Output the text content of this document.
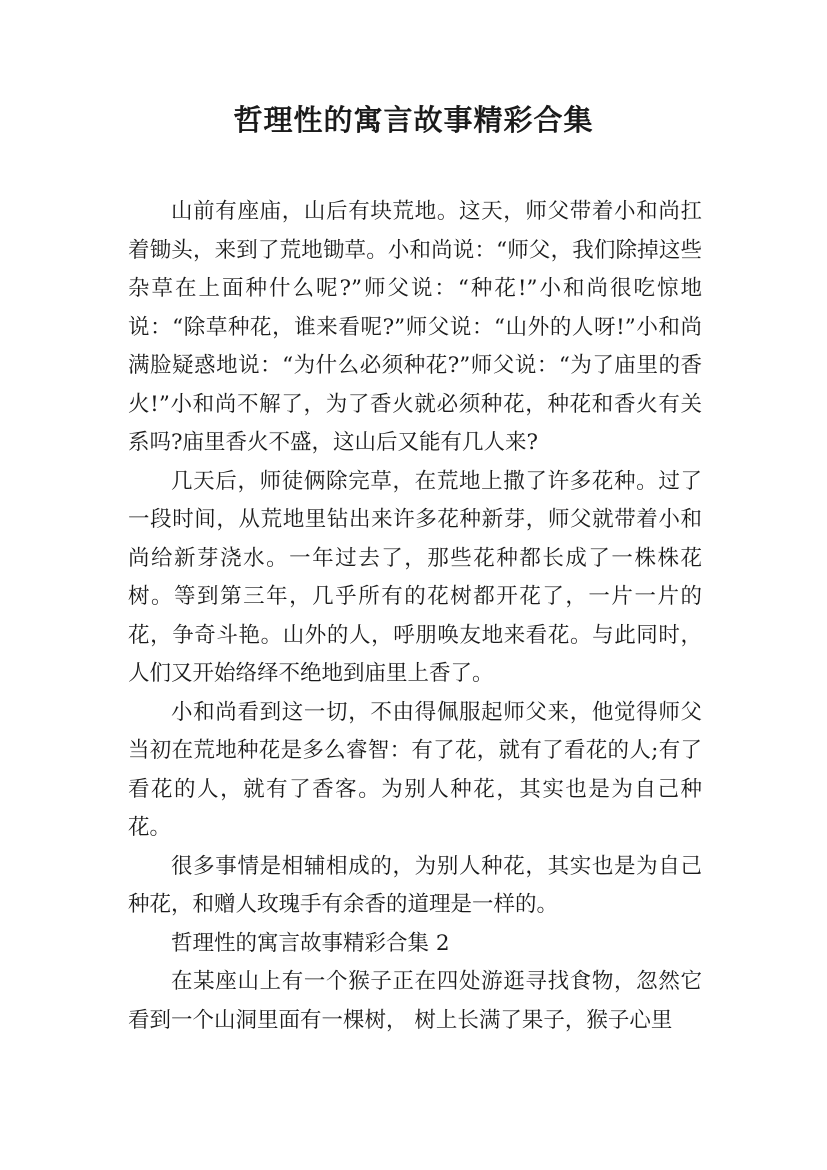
哲理性的寓言故事精彩合集

山前有座庙，山后有块荒地。这天，师父带着小和尚扛着锄头，来到了荒地锄草。小和尚说：“师父，我们除掉这些杂草在上面种什么呢?”师父说：“种花!”小和尚很吃惊地说：“除草种花，谁来看呢?”师父说：“山外的人呀!”小和尚满脸疑惑地说：“为什么必须种花?”师父说：“为了庙里的香火!”小和尚不解了，为了香火就必须种花，种花和香火有关系吗?庙里香火不盛，这山后又能有几人来?

几天后，师徒俩除完草，在荒地上撒了许多花种。过了一段时间，从荒地里钻出来许多花种新芽，师父就带着小和尚给新芽浇水。一年过去了，那些花种都长成了一株株花树。等到第三年，几乎所有的花树都开花了，一片一片的花，争奇斗艳。山外的人，呼朋唤友地来看花。与此同时，人们又开始络绎不绝地到庙里上香了。

小和尚看到这一切，不由得佩服起师父来，他觉得师父当初在荒地种花是多么睿智：有了花，就有了看花的人;有了看花的人，就有了香客。为别人种花，其实也是为自己种花。

很多事情是相辅相成的，为别人种花，其实也是为自己种花，和赠人玫瑰手有余香的道理是一样的。

哲理性的寓言故事精彩合集 2

在某座山上有一个猴子正在四处游逛寻找食物，忽然它看到一个山洞里面有一棵树， 树上长满了果子，猴子心里
